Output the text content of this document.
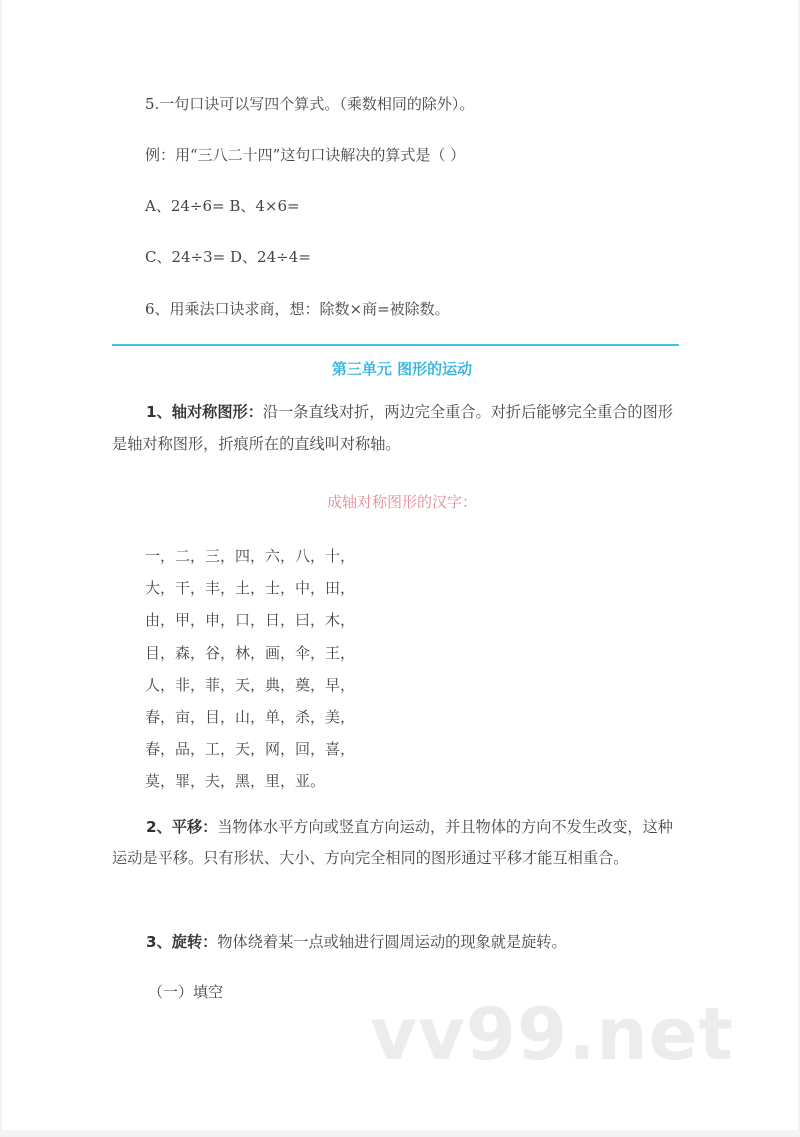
5.一句口诀可以写四个算式。（乘数相同的除外）。
例：用“三八二十四”这句口诀解决的算式是（ ）
A、24÷6= B、4×6=
C、24÷3= D、24÷4=
6、用乘法口诀求商，想：除数×商=被除数。
第三单元 图形的运动
1、轴对称图形：沿一条直线对折，两边完全重合。对折后能够完全重合的图形是轴对称图形，折痕所在的直线叫对称轴。
成轴对称图形的汉字：
一，二，三，四，六，八，十，
大，干，丰，土，士，中，田，
由，甲，申，口，日，曰，木，
目，森，谷，林，画，伞，王，
人，非，菲，天，典，奠，早，
春，亩，目，山，单，杀，美，
春，品，工，天，网，回，喜，
莫，罪，夫，黑，里，亚。
2、平移：当物体水平方向或竖直方向运动，并且物体的方向不发生改变，这种运动是平移。只有形状、大小、方向完全相同的图形通过平移才能互相重合。
3、旋转：物体绕着某一点或轴进行圆周运动的现象就是旋转。
（一）填空 vv99.net
